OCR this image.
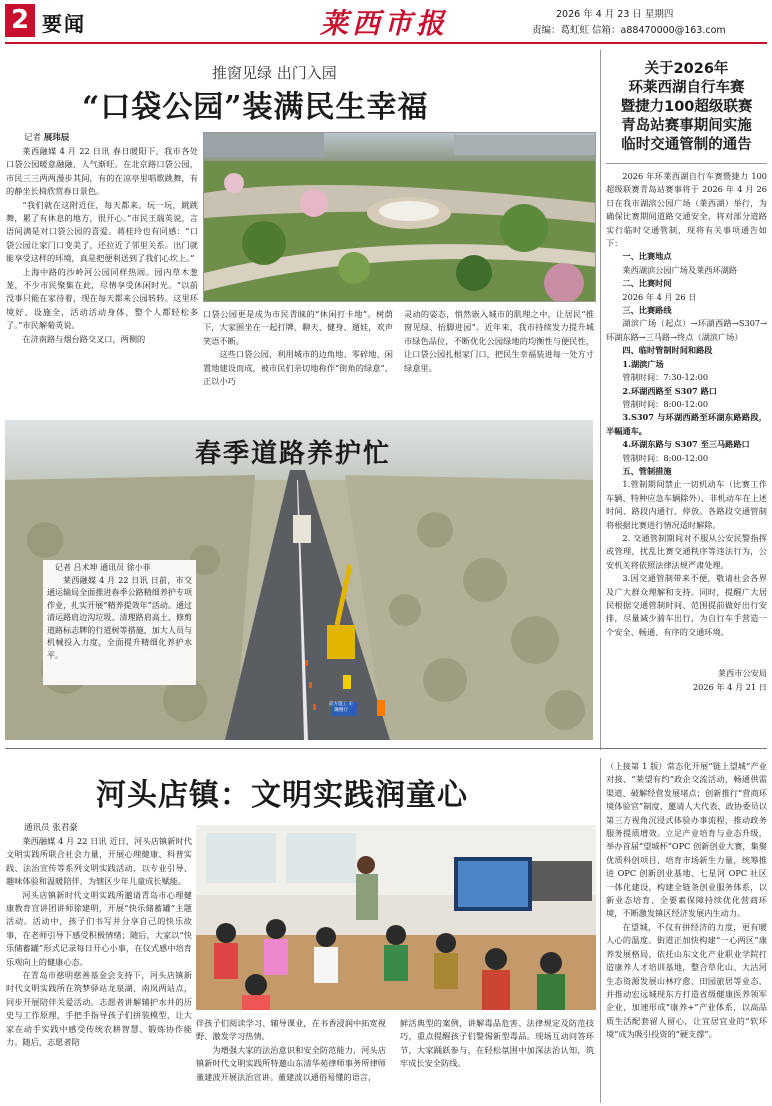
2 要闻	莱西市报	2026 年 4 月 23 日 星期四
责编：葛虹虹 信箱：a88470000@163.com
推窗见绿 出门入园
“口袋公园”装满民生幸福

记者 展玮辰

莱西融媒 4 月 22 日讯 春日暖阳下，我市各处口袋公园暖意融融、人气渐旺。在北京路口袋公园，市民三三两两漫步其间，有的在凉亭里唱歌跳舞，有的静坐长椅欣赏春日景色。

“我们就在这附近住，每天都来。玩一玩，跳跳舞，累了有休息的地方，很开心。”市民王瑞英说，言语间满是对口袋公园的喜爱。蒋桂玲也有同感：“口袋公园让家门口变美了，还拉近了邻里关系。出门就能享受这样的环境，真是把便利送到了我们心坎上。”

上海中路的沙岭河公园同样热闹。园内草木葱茏，不少市民聚集在此，尽情享受休闲时光。“以前没事只能在家待着，现在每天都来公园转转。这里环境好、设施全，活动活动身体，整个人都轻松多了。”市民解菊英说。

在济南路与烟台路交叉口，两侧的

口袋公园更是成为市民青睐的“休闲打卡地”。树荫下，大家围坐在一起打牌、聊天、健身、遛娃，欢声笑语不断。

这些口袋公园，利用城市的边角地、零碎地、闲置地建设而成，被市民们亲切地称作“街角的绿意”，正以小巧

灵动的姿态，悄然嵌入城市的肌理之中，让居民“推窗见绿、抬脚进园”。近年来，我市持续发力提升城市绿色品位，不断优化公园绿地的均衡性与便民性，让口袋公园扎根家门口，把民生幸福装进每一处方寸绿意里。

关于2026年
环莱西湖自行车赛
暨捷力100超级联赛
青岛站赛事期间实施
临时交通管制的通告

2026 年环莱西湖自行车赛暨捷力 100 超级联赛青岛站赛事将于 2026 年 4 月 26 日在我市湖滨公园广场（莱西湖）举行，为确保比赛期间道路交通安全，将对部分道路实行临时交通管制，现将有关事项通告如下：

一、比赛地点

莱西湖滨公园广场及莱西环湖路

二、比赛时间

2026 年 4 月 26 日

三、比赛路线

湖滨广场（起点）→环湖西路→S307→环湖东路→三马路→终点（湖滨广场）

四、临时管制时间和路段

1.湖滨广场

管制时间：7:30-12:00

2.环湖西路至 S307 路口

管制时间：8:00-12:00

3.S307 与环湖西路至环湖东路路段，半幅通车。

4.环湖东路与 S307 至三马路路口

管制时间：8:00-12:00

五、管制措施

1.管制期间禁止一切机动车（比赛工作车辆、特种应急车辆除外）、非机动车在上述时间、路段内通行、停放。各路段交通管制将根据比赛进行情况适时解除。

2. 交通管制期间对不服从公安民警指挥或管理，扰乱比赛交通秩序等违法行为，公安机关将依照法律法规严肃处理。

3.因交通管制带来不便，敬请社会各界及广大群众理解和支持。同时，提醒广大居民根据交通管制时间、范围提前做好出行安排，尽量减少骑车出行，为自行车手营造一个安全、畅通、有序的交通环境。

莱西市公安局
2026 年 4 月 21 日
春季道路养护忙

记者 吕术坤 通讯员 徐小菲

莱西融媒 4 月 22 日讯 日前，市交通运输局全面推进春季公路精细养护专项作业，扎实开展“精养提效年”活动。通过清运路肩边沟垃圾、清理路肩高土、修剪道路标志牌的行道树等措施，加大人员与机械投入力度，全面提升精细化养护水平。

前方施工 车辆慢行
河头店镇：文明实践润童心

通讯员 张君豪

莱西融媒 4 月 22 日讯 近日，河头店镇新时代文明实践所联合社会力量，开展心理健康、科普实践、法治宣传等系列文明实践活动，以专业引导、趣味体验和温暖陪伴，为辖区少年儿童成长赋能。

河头店镇新时代文明实践所邀请青岛市心理健康教育宣讲团讲师徐建明，开展“快乐储蓄罐”主题活动。活动中，孩子们书写并分享自己的快乐故事，在老师引导下感受积极情绪；随后，大家以“快乐储蓄罐”形式记录每日开心小事，在仪式感中培育乐观向上的健康心态。

在青岛市慈明慈善基金会支持下，河头店镇新时代文明实践所在筑梦驿站龙泉湖、南岚两站点，同步开展陪伴关爱活动。志愿者讲解辅护水井的历史与工作原理，手把手指导孩子们拼装模型，让大家在动手实践中感受传统农耕智慧、锻炼协作能力。随后，志愿者陪

伴孩子们阅读学习、辅导课业，在书香浸润中拓宽视野、激发学习热情。

为增强大家的法治意识和安全防范能力，河头店镇新时代文明实践所特邀山东清华苑律师事务所律师董建波开展法治宣讲。董建波以通俗易懂的语言，

鲜活典型的案例，讲解毒品危害、法律规定及防范技巧，重点提醒孩子们警惕新型毒品。现场互动问答环节，大家踊跃参与，在轻松氛围中加深法治认知，筑牢成长安全防线。

（上接第 1 版）常态化开展“链上望城”产业对接、“莱望有约”政企交流活动，畅通供需渠道、破解经营发展堵点；创新推行“营商环境体验官”制度，邀请人大代表、政协委员以第三方视角沉浸式体验办事流程，推动政务服务提质增效。立足产业培育与业态升级，举办首届“望城杯”OPC 创新创业大赛，集聚优质科创项目、培育市场新生力量，统筹推进 OPC 创新创业基地、七星河 OPC 社区一体化建设，构建全链条创业服务体系，以新业态培育、全要素保障持续优化营商环境，不断激发镇区经济发展内生动力。

在望城，不仅有拼经济的力度，更有暖人心的温度。街道正加快构建“一心两区”康养发展格局，依托山东文化产业职业学院打造康养人才培训基地，整合草化山、大沽河生态资源发展山林疗愈、田园旅居等业态，并推动宏远城现东方打造省级健康医养领军企业，加速形成“康养+”产业体系，以高品质生活配套留人留心，让宜居宜业的“软环境”成为吸引投资的“硬支撑”。
